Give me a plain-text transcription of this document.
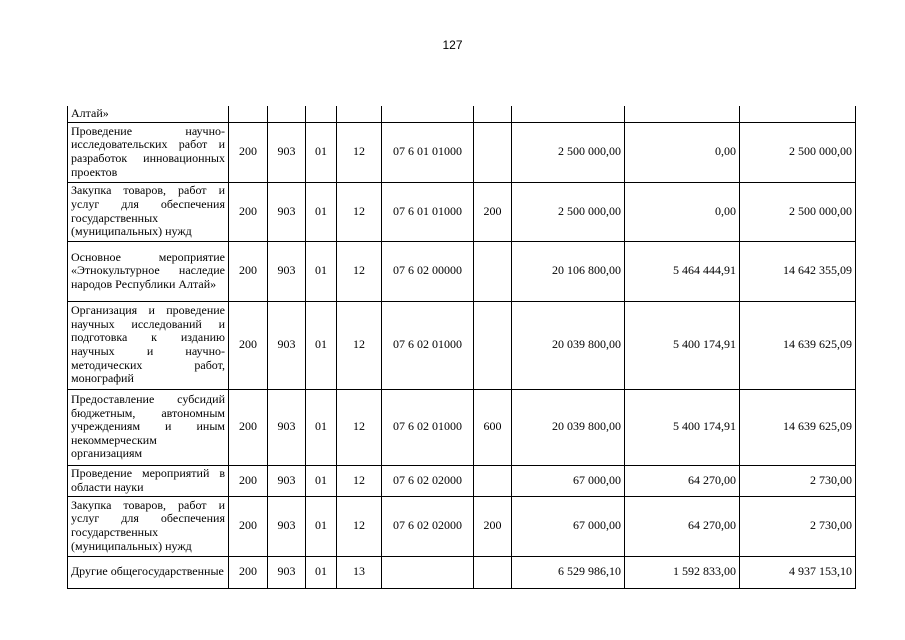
127
Алтай»									
Проведение научно-исследовательских работ и разработок инновационных проектов	200	903	01	12	07 6 01 01000		2 500 000,00	0,00	2 500 000,00
Закупка товаров, работ и услуг для обеспечения государственных (муниципальных) нужд	200	903	01	12	07 6 01 01000	200	2 500 000,00	0,00	2 500 000,00
Основное мероприятие «Этнокультурное наследие народов Республики Алтай»	200	903	01	12	07 6 02 00000		20 106 800,00	5 464 444,91	14 642 355,09
Организация и проведение научных исследований и подготовка к изданию научных и научно-методических работ, монографий	200	903	01	12	07 6 02 01000		20 039 800,00	5 400 174,91	14 639 625,09
Предоставление субсидий бюджетным, автономным учреждениям и иным некоммерческим организациям	200	903	01	12	07 6 02 01000	600	20 039 800,00	5 400 174,91	14 639 625,09
Проведение мероприятий в области науки	200	903	01	12	07 6 02 02000		67 000,00	64 270,00	2 730,00
Закупка товаров, работ и услуг для обеспечения государственных (муниципальных) нужд	200	903	01	12	07 6 02 02000	200	67 000,00	64 270,00	2 730,00
Другие общегосударственные	200	903	01	13			6 529 986,10	1 592 833,00	4 937 153,10
